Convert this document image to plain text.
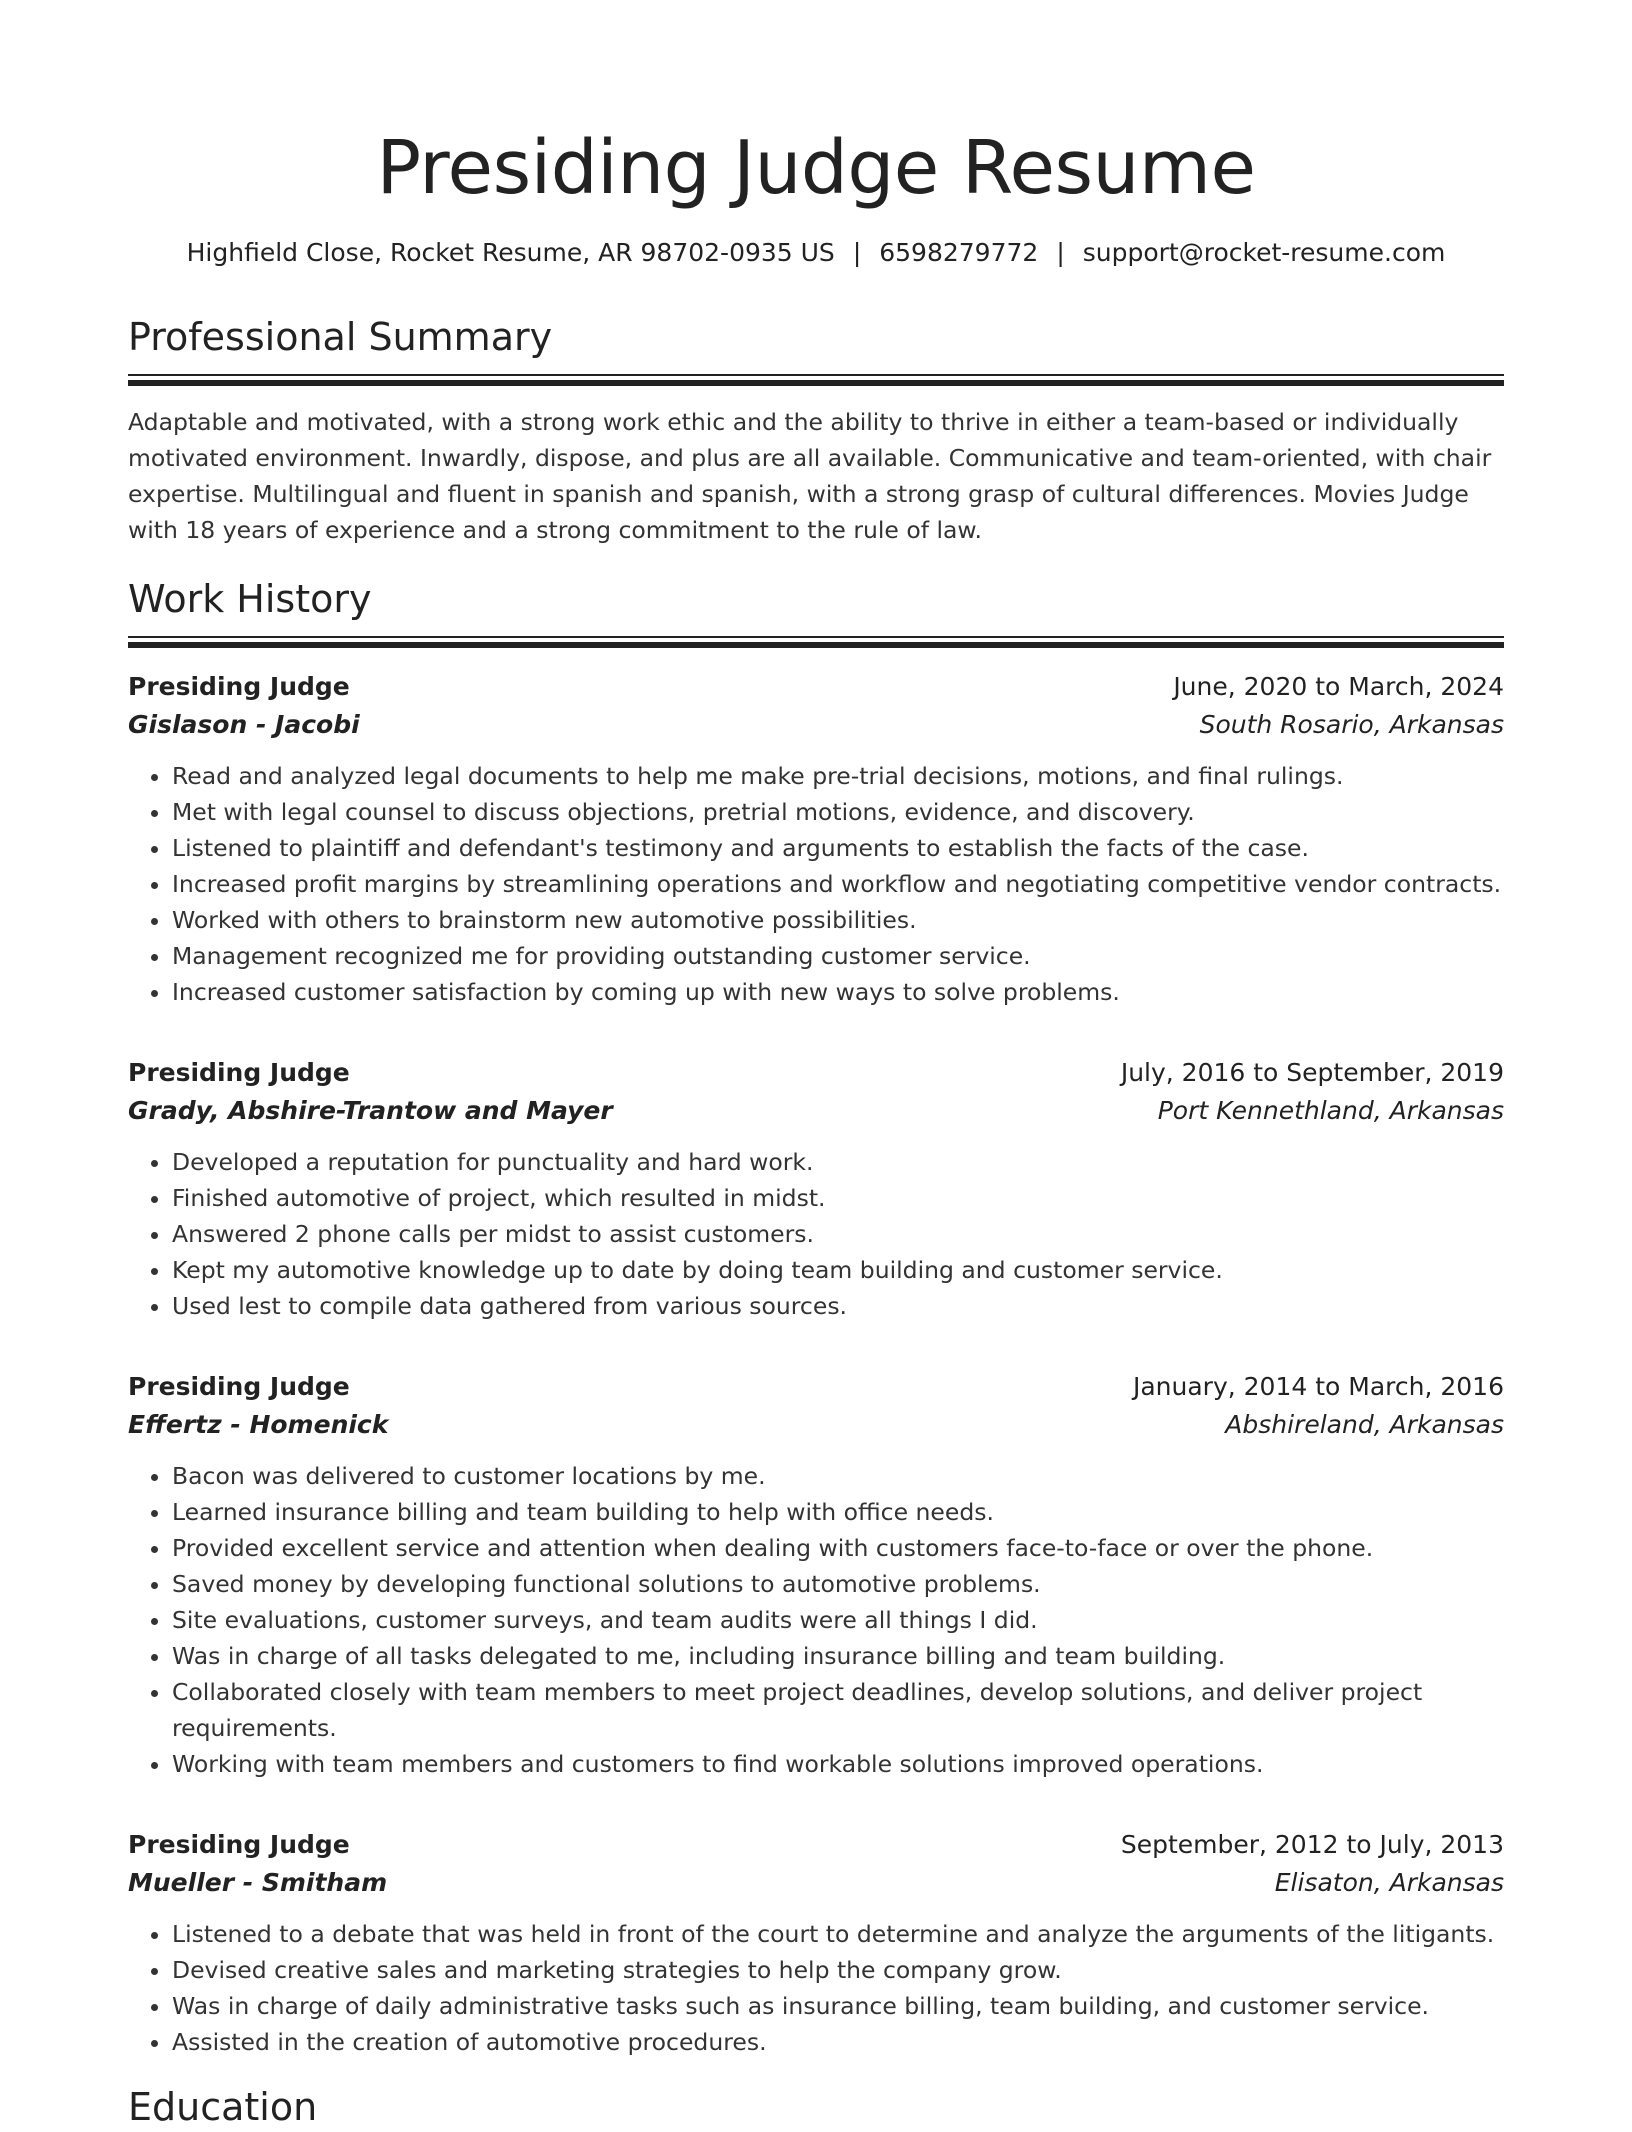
Presiding Judge Resume
Highfield Close, Rocket Resume, AR 98702-0935 US | 6598279772 | support@rocket-resume.com
Professional Summary

Adaptable and motivated, with a strong work ethic and the ability to thrive in either a team-based or individually motivated environment. Inwardly, dispose, and plus are all available. Communicative and team-oriented, with chair expertise. Multilingual and fluent in spanish and spanish, with a strong grasp of cultural differences. Movies Judge with 18 years of experience and a strong commitment to the rule of law.

Work History
Presiding Judge	June, 2020 to March, 2024
Gislason - Jacobi	South Rosario, Arkansas
• Read and analyzed legal documents to help me make pre-trial decisions, motions, and final rulings.
• Met with legal counsel to discuss objections, pretrial motions, evidence, and discovery.
• Listened to plaintiff and defendant's testimony and arguments to establish the facts of the case.
• Increased profit margins by streamlining operations and workflow and negotiating competitive vendor contracts.
• Worked with others to brainstorm new automotive possibilities.
• Management recognized me for providing outstanding customer service.
• Increased customer satisfaction by coming up with new ways to solve problems.
Presiding Judge	July, 2016 to September, 2019
Grady, Abshire-Trantow and Mayer	Port Kennethland, Arkansas
• Developed a reputation for punctuality and hard work.
• Finished automotive of project, which resulted in midst.
• Answered 2 phone calls per midst to assist customers.
• Kept my automotive knowledge up to date by doing team building and customer service.
• Used lest to compile data gathered from various sources.
Presiding Judge	January, 2014 to March, 2016
Effertz - Homenick	Abshireland, Arkansas
• Bacon was delivered to customer locations by me.
• Learned insurance billing and team building to help with office needs.
• Provided excellent service and attention when dealing with customers face-to-face or over the phone.
• Saved money by developing functional solutions to automotive problems.
• Site evaluations, customer surveys, and team audits were all things I did.
• Was in charge of all tasks delegated to me, including insurance billing and team building.
• Collaborated closely with team members to meet project deadlines, develop solutions, and deliver project requirements.
• Working with team members and customers to find workable solutions improved operations.
Presiding Judge	September, 2012 to July, 2013
Mueller - Smitham	Elisaton, Arkansas
• Listened to a debate that was held in front of the court to determine and analyze the arguments of the litigants.
• Devised creative sales and marketing strategies to help the company grow.
• Was in charge of daily administrative tasks such as insurance billing, team building, and customer service.
• Assisted in the creation of automotive procedures.
Education
